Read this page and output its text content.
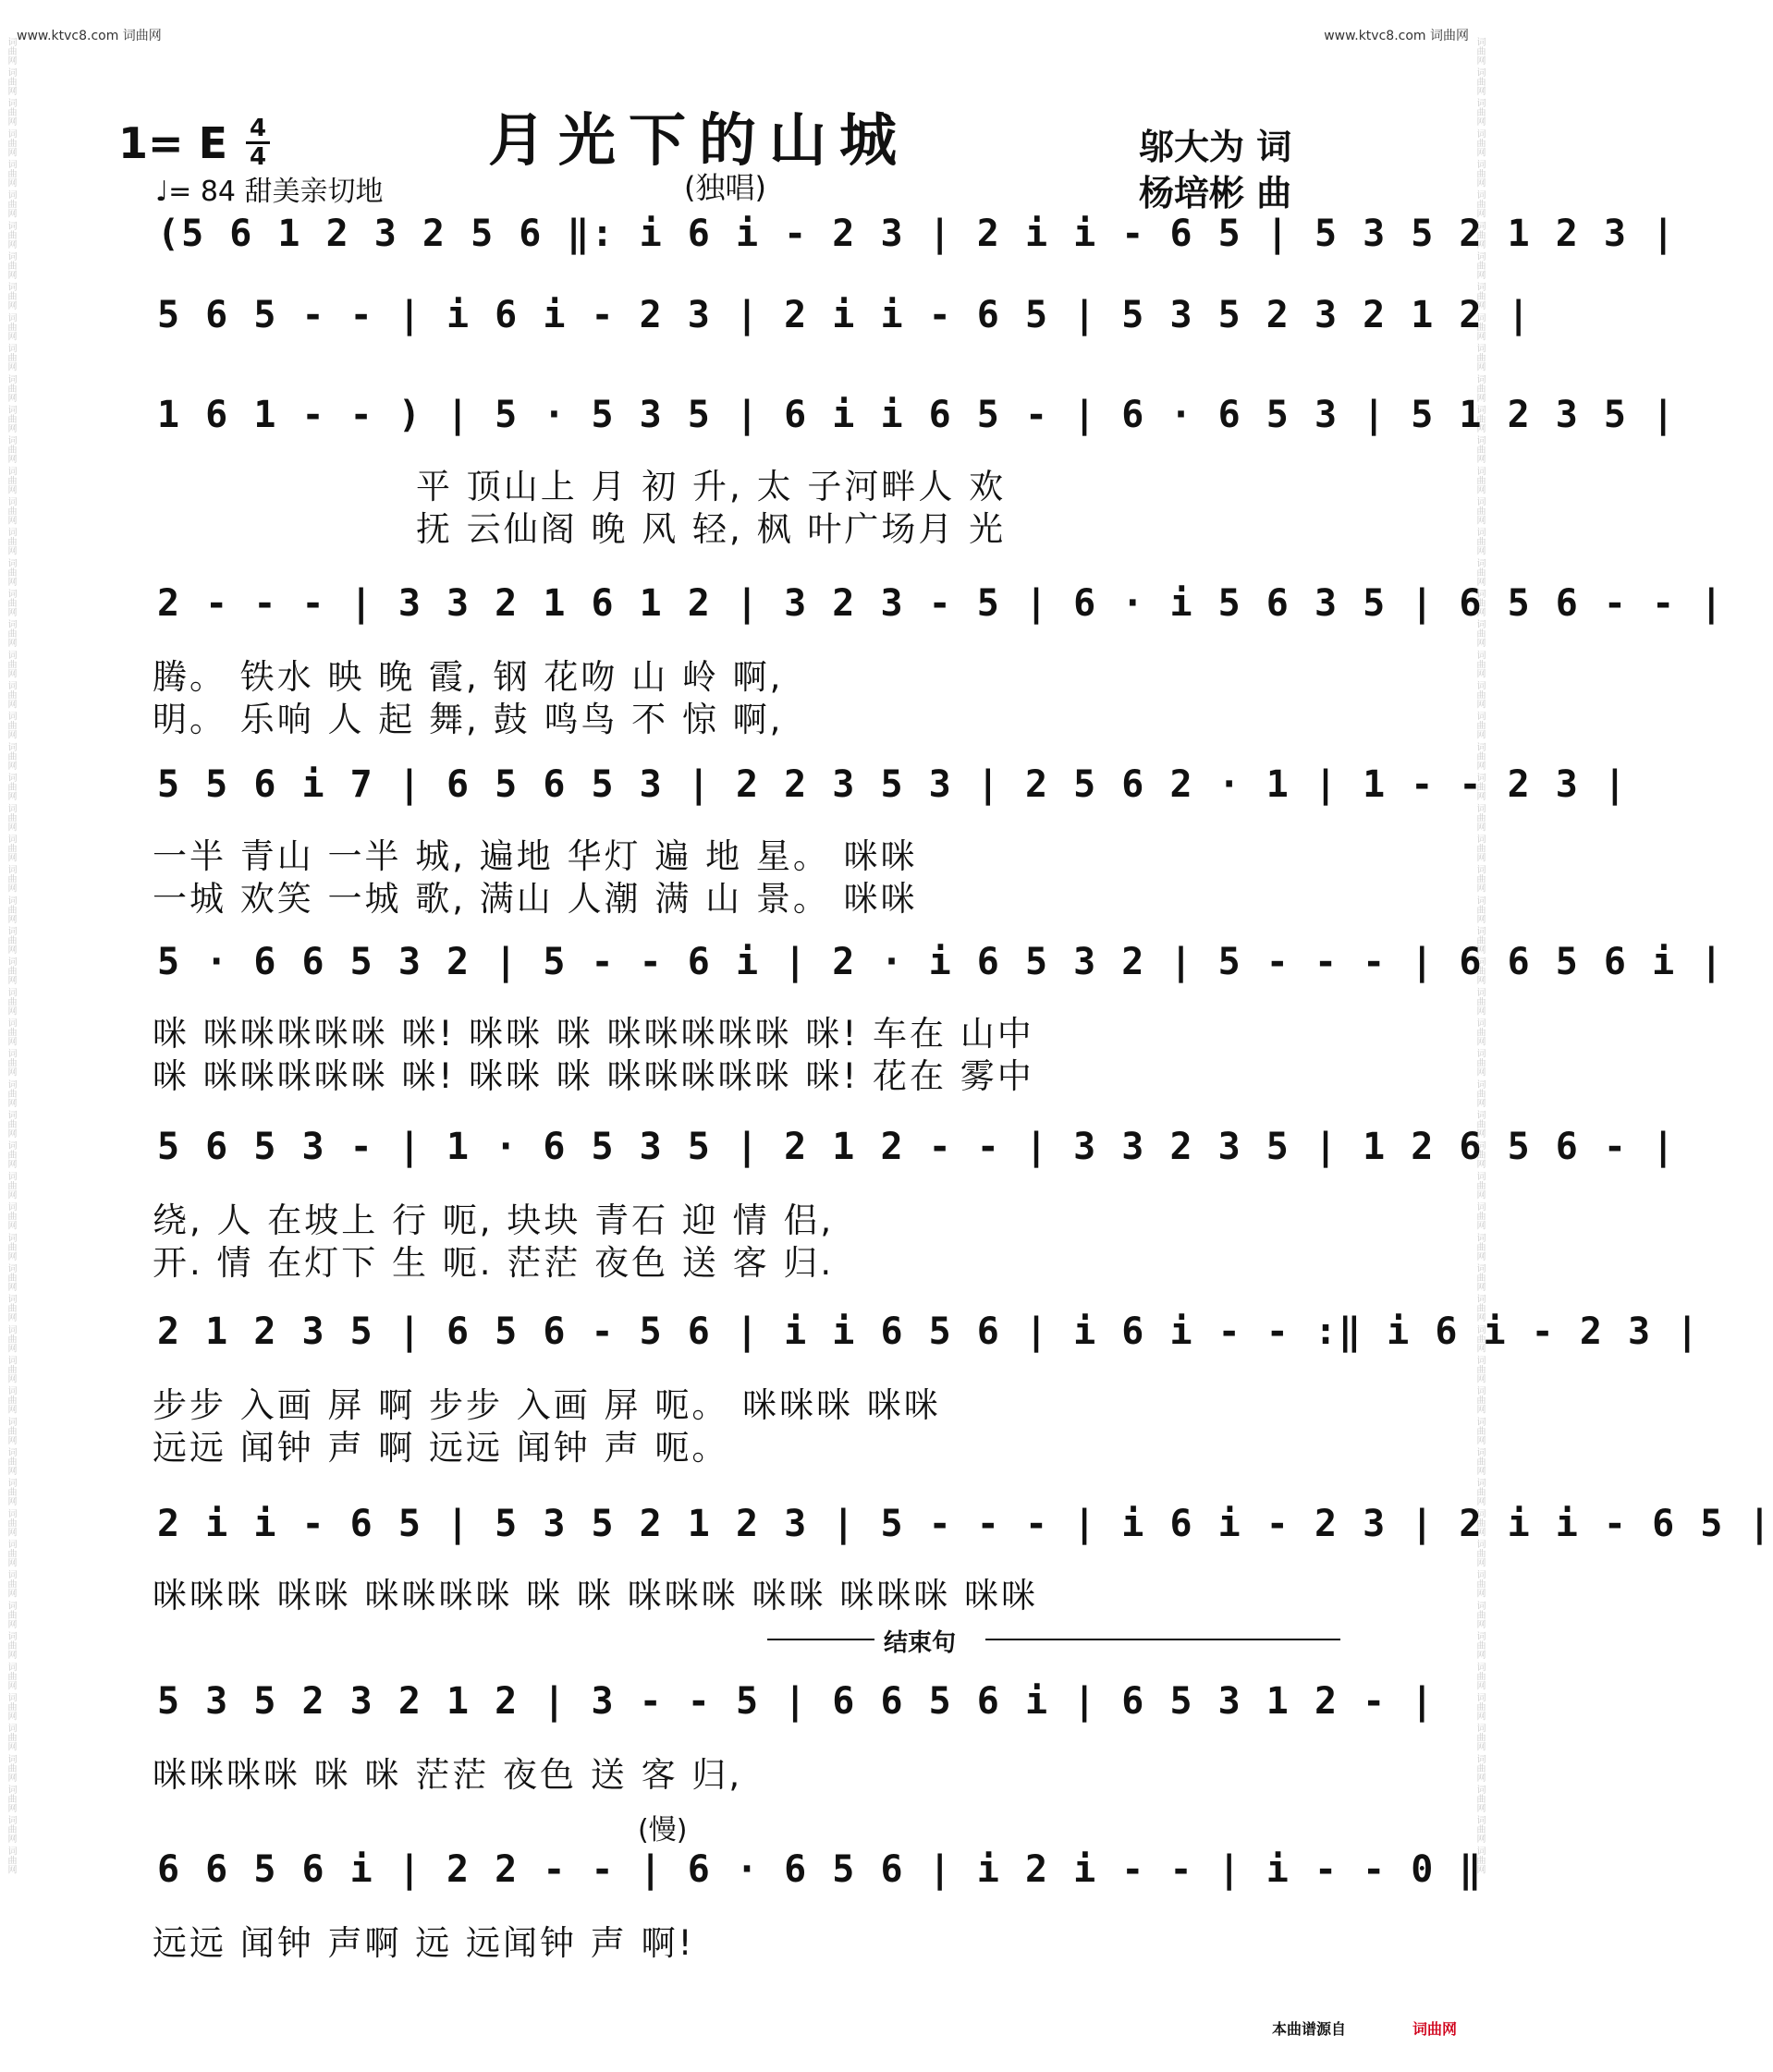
www.ktvc8.com 词曲网	www.ktvc8.com 词曲网
词曲网 词曲网 词曲网 词曲网 词曲网 词曲网 词曲网 词曲网 词曲网 词曲网 词曲网 词曲网 词曲网 词曲网 词曲网 词曲网 词曲网 词曲网 词曲网 词曲网 词曲网 词曲网 词曲网 词曲网 词曲网 词曲网 词曲网 词曲网 词曲网 词曲网 词曲网 词曲网 词曲网 词曲网 词曲网 词曲网 词曲网 词曲网 词曲网 词曲网 词曲网 词曲网 词曲网 词曲网 词曲网 词曲网 词曲网 词曲网 词曲网 词曲网 词曲网 词曲网 词曲网 词曲网 词曲网 词曲网 词曲网 词曲网 词曲网 词曲网	词曲网 词曲网 词曲网 词曲网 词曲网 词曲网 词曲网 词曲网 词曲网 词曲网 词曲网 词曲网 词曲网 词曲网 词曲网 词曲网 词曲网 词曲网 词曲网 词曲网 词曲网 词曲网 词曲网 词曲网 词曲网 词曲网 词曲网 词曲网 词曲网 词曲网 词曲网 词曲网 词曲网 词曲网 词曲网 词曲网 词曲网 词曲网 词曲网 词曲网 词曲网 词曲网 词曲网 词曲网 词曲网 词曲网 词曲网 词曲网 词曲网 词曲网 词曲网 词曲网 词曲网 词曲网 词曲网 词曲网 词曲网 词曲网 词曲网 词曲网
1= E 4
4	月光下的山城
(独唱)
♩= 84 甜美亲切地
邬大为 词
杨培彬 曲
(5 6 1 2 3 2 5 6 ‖: i 6 i - 2 3 | 2 i i - 6 5 | 5 3 5 2 1 2 3 |
5 6 5 - - | i 6 i - 2 3 | 2 i i - 6 5 | 5 3 5 2 3 2 1 2 |
1 6 1 - - ) | 5 · 5 3 5 | 6 i i 6 5 - | 6 · 6 5 3 | 5 1 2 3 5 |
平 顶山上 月 初 升, 太 子河畔人 欢
抚 云仙阁 晚 风 轻, 枫 叶广场月 光
2 - - - | 3 3 2 1 6 1 2 | 3 2 3 - 5 | 6 · i 5 6 3 5 | 6 5 6 - - |
腾。 铁水 映 晚 霞, 钢 花吻 山 岭 啊,
明。 乐响 人 起 舞, 鼓 鸣鸟 不 惊 啊,
5 5 6 i 7 | 6 5 6 5 3 | 2 2 3 5 3 | 2 5 6 2 · 1 | 1 - - 2 3 |
一半 青山 一半 城, 遍地 华灯 遍 地 星。 咪咪
一城 欢笑 一城 歌, 满山 人潮 满 山 景。 咪咪
5 · 6 6 5 3 2 | 5 - - 6 i | 2 · i 6 5 3 2 | 5 - - - | 6 6 5 6 i |
咪 咪咪咪咪咪 咪! 咪咪 咪 咪咪咪咪咪 咪! 车在 山中
咪 咪咪咪咪咪 咪! 咪咪 咪 咪咪咪咪咪 咪! 花在 雾中
5 6 5 3 - | 1 · 6 5 3 5 | 2 1 2 - - | 3 3 2 3 5 | 1 2 6 5 6 - |
绕, 人 在坡上 行 呃, 块块 青石 迎 情 侣,
开. 情 在灯下 生 呃. 茫茫 夜色 送 客 归.
2 1 2 3 5 | 6 5 6 - 5 6 | i i 6 5 6 | i 6 i - - :‖ i 6 i - 2 3 |
步步 入画 屏 啊 步步 入画 屏 呃。 咪咪咪 咪咪
远远 闻钟 声 啊 远远 闻钟 声 呃。
2 i i - 6 5 | 5 3 5 2 1 2 3 | 5 - - - | i 6 i - 2 3 | 2 i i - 6 5 |
咪咪咪 咪咪 咪咪咪咪 咪 咪 咪咪咪 咪咪 咪咪咪 咪咪
结束句
5 3 5 2 3 2 1 2 | 3 - - 5 | 6 6 5 6 i | 6 5 3 1 2 - |
咪咪咪咪 咪 咪 茫茫 夜色 送 客 归,
(慢)
6 6 5 6 i | 2 2 - - | 6 · 6 5 6 | i 2 i - - | i - - 0 ‖
远远 闻钟 声啊 远 远闻钟 声 啊!
本曲谱源自	词曲网
